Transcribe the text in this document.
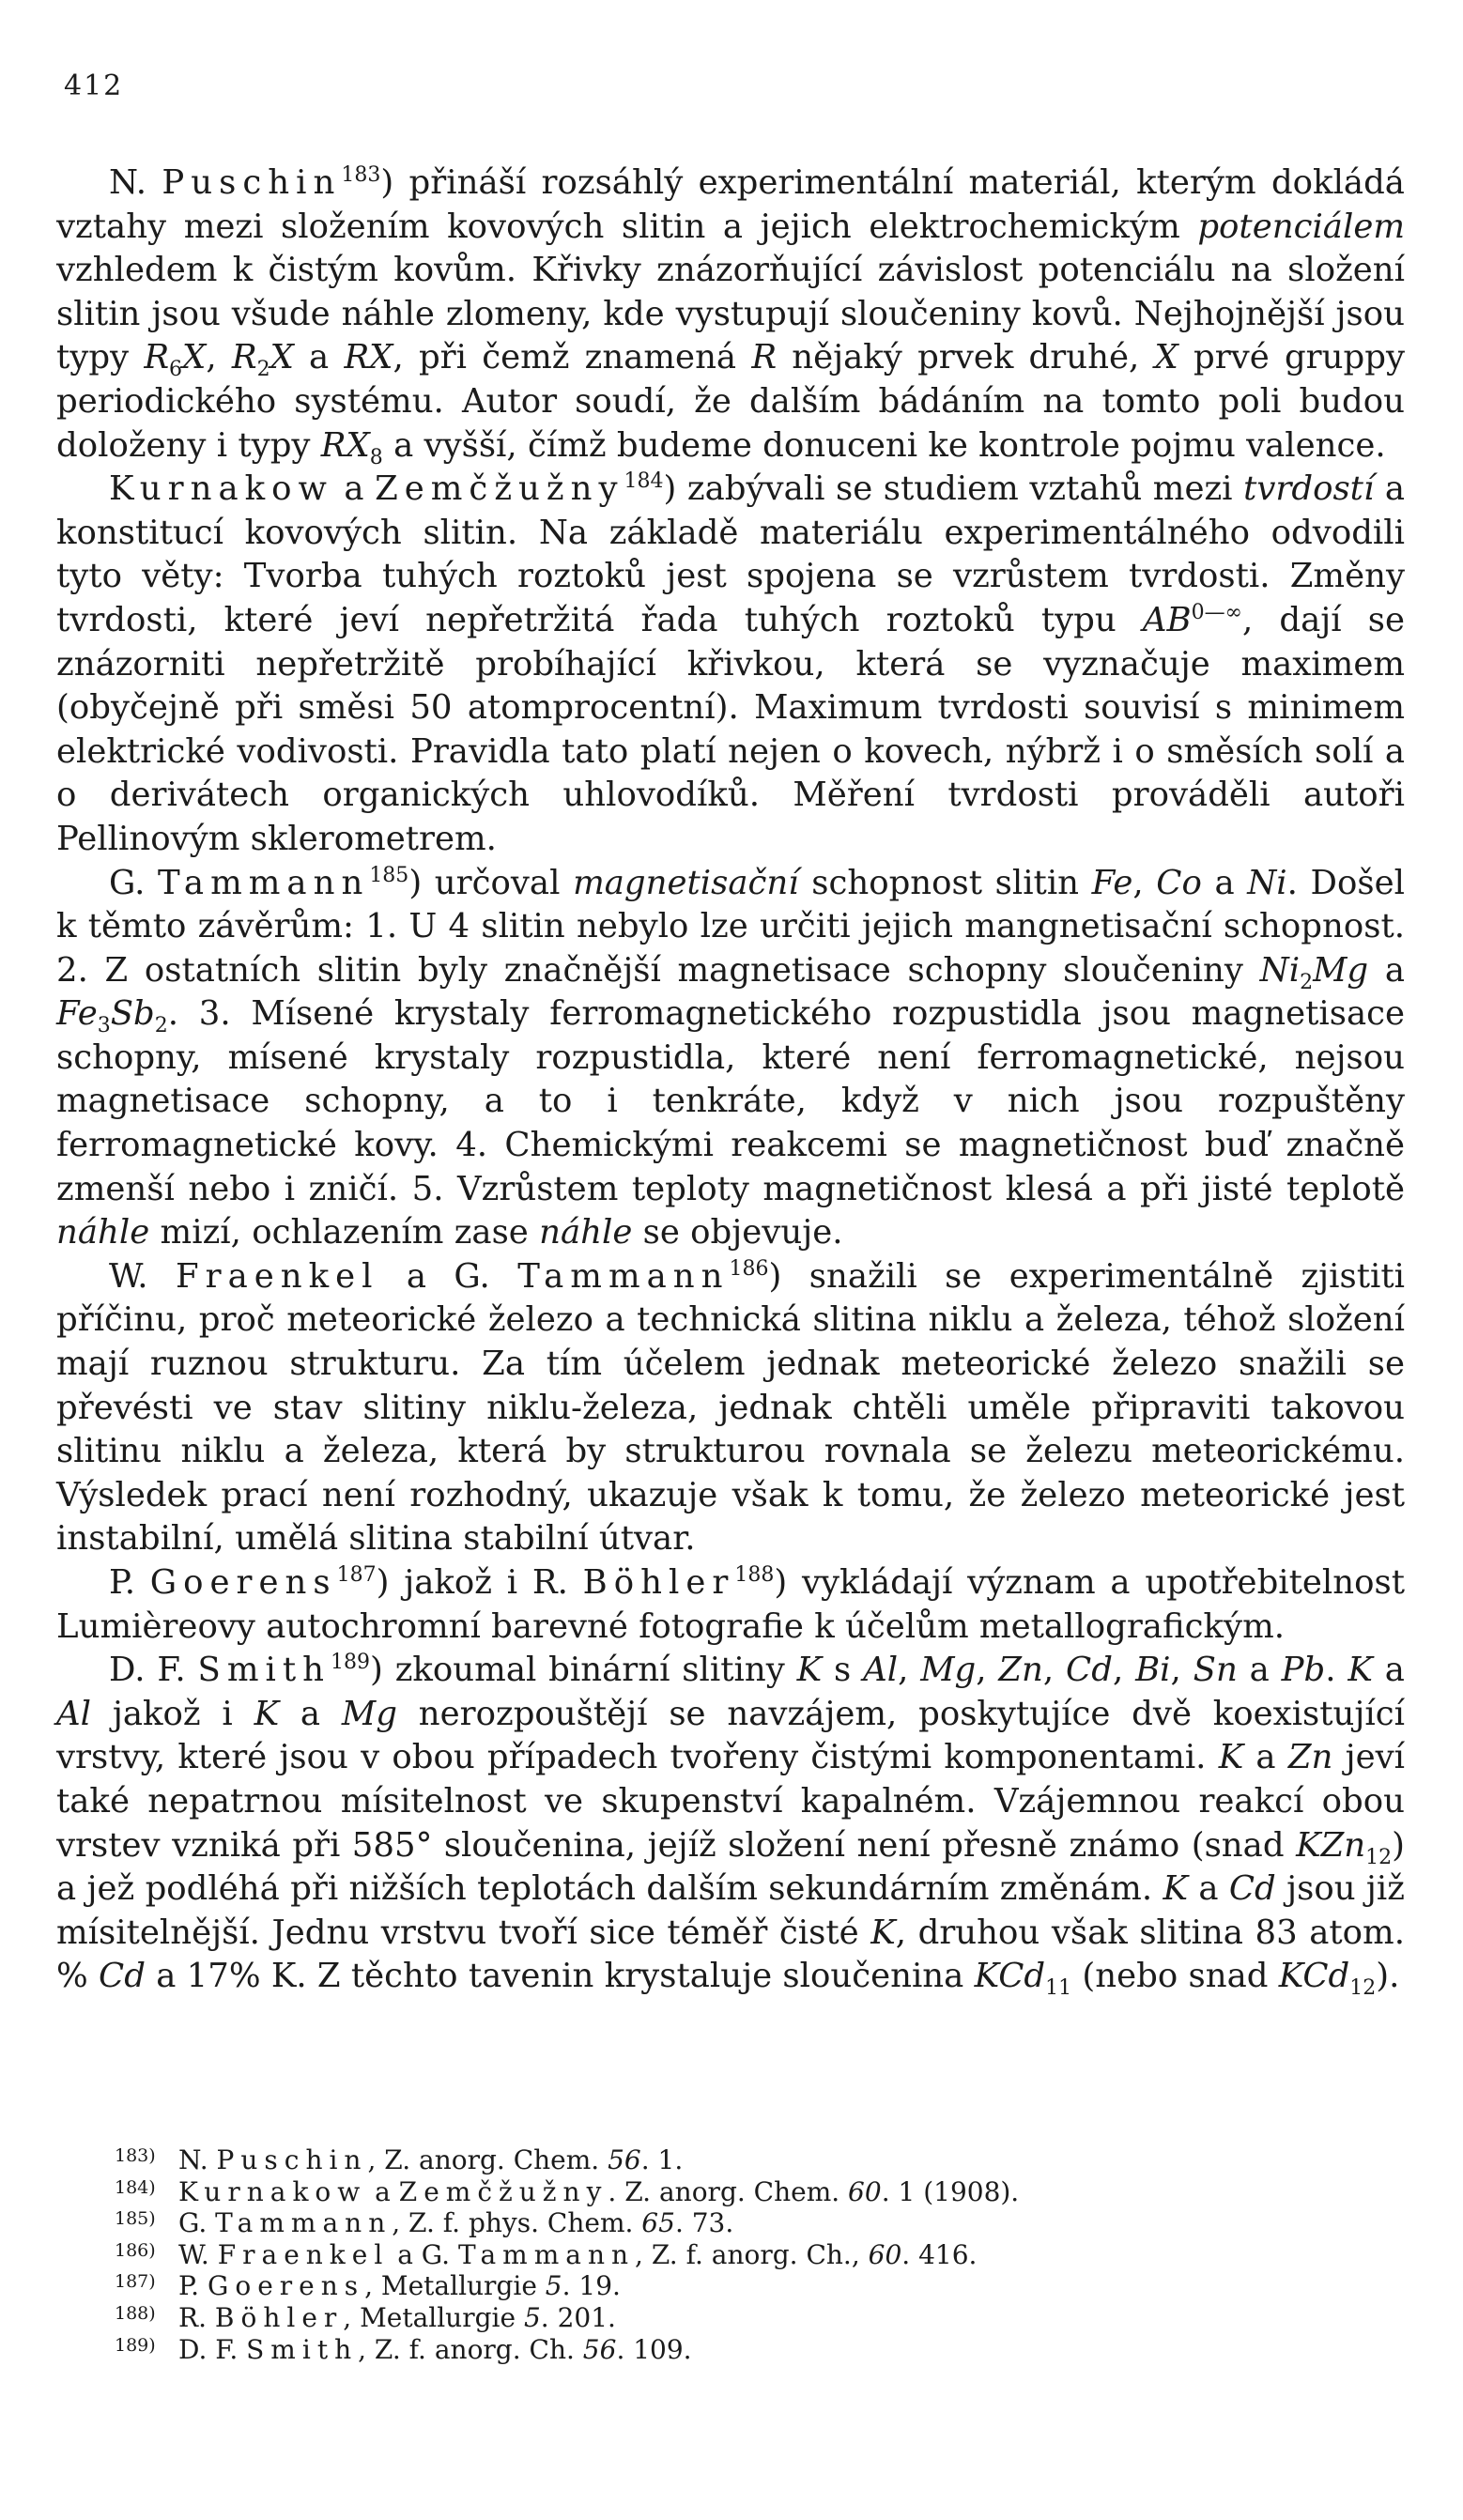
412

N. Puschin$^{183}$) přináší rozsáhlý experimentální materiál, kterým dokládá vztahy mezi složením kovových slitin a jejich elektrochemickým potenciálem vzhledem k čistým kovům. Křivky znázorňující závislost potenciálu na složení slitin jsou všude náhle zlomeny, kde vystupují sloučeniny kovů. Nejhojnější jsou typy $R_6X$, $R_2X$ a RX, při čemž znamená R nějaký prvek druhé, X prvé gruppy periodického systému. Autor soudí, že dalším bádáním na tomto poli budou doloženy i typy $RX_8$ a vyšší, čímž budeme donuceni ke kontrole pojmu valence.

Kurnakow a Zemčžužny$^{184}$) zabývali se studiem vztahů mezi tvrdostí a konstitucí kovových slitin. Na základě materiálu experimentálného odvodili tyto věty: Tvorba tuhých roztoků jest spojena se vzrůstem tvrdosti. Změny tvrdosti, které jeví nepřetržitá řada tuhých roztoků typu $AB^{0—\infty}$, dají se znázorniti nepřetržitě probíhající křivkou, která se vyznačuje maximem (obyčejně při směsi 50 atomprocentní). Maximum tvrdosti souvisí s minimem elektrické vodivosti. Pravidla tato platí nejen o kovech, nýbrž i o směsích solí a o derivátech organických uhlovodíků. Měření tvrdosti prováděli autoři Pellinovým sklerometrem.

G. Tammann$^{185}$) určoval magnetisační schopnost slitin Fe, Co a Ni. Došel k těmto závěrům: 1. U 4 slitin nebylo lze určiti jejich mangnetisační schopnost. 2. Z ostatních slitin byly značnější magnetisace schopny sloučeniny $Ni_2Mg$ a $Fe_3Sb_2$. 3. Mísené krystaly ferromagnetického rozpustidla jsou magnetisace schopny, mísené krystaly rozpustidla, které není ferromagnetické, nejsou magnetisace schopny, a to i tenkráte, když v nich jsou rozpuštěny ferromagnetické kovy. 4. Chemickými reakcemi se magnetičnost buď značně zmenší nebo i zničí. 5. Vzrůstem teploty magnetičnost klesá a při jisté teplotě náhle mizí, ochlazením zase náhle se objevuje.

W. Fraenkel a G. Tammann$^{186}$) snažili se experimentálně zjistiti příčinu, proč meteorické železo a technická slitina niklu a železa, téhož složení mají ruznou strukturu. Za tím účelem jednak meteorické železo snažili se převésti ve stav slitiny niklu-železa, jednak chtěli uměle připraviti takovou slitinu niklu a železa, která by strukturou rovnala se železu meteorickému. Výsledek prací není rozhodný, ukazuje však k tomu, že železo meteorické jest instabilní, umělá slitina stabilní útvar.

P. Goerens$^{187}$) jakož i R. Böhler$^{188}$) vykládají význam a upotřebitelnost Lumièreovy autochromní barevné fotografie k účelům metallografickým.

D. F. Smith$^{189}$) zkoumal binární slitiny K s Al, Mg, Zn, Cd, Bi, Sn a Pb. K a Al jakož i K a Mg nerozpouštějí se navzájem, poskytujíce dvě koexistující vrstvy, které jsou v obou případech tvořeny čistými komponentami. K a Zn jeví také nepatrnou mísitelnost ve skupenství kapalném. Vzájemnou reakcí obou vrstev vzniká při 585° sloučenina, jejíž složení není přesně známo (snad KZn$_{12}$) a jež podléhá při nižších teplotách dalším sekundárním změnám. K a Cd jsou již mísitelnější. Jednu vrstvu tvoří sice téměř čisté K, druhou však slitina 83 atom. % Cd a 17% K. Z těchto tavenin krystaluje sloučenina KCd$_{11}$ (nebo snad KCd$_{12}$).

183) N. Puschin, Z. anorg. Chem. 56. 1.
184) Kurnakow a Zemčžužny. Z. anorg. Chem. 60. 1 (1908).
185) G. Tammann, Z. f. phys. Chem. 65. 73.
186) W. Fraenkel a G. Tammann, Z. f. anorg. Ch., 60. 416.
187) P. Goerens, Metallurgie 5. 19.
188) R. Böhler, Metallurgie 5. 201.
189) D. F. Smith, Z. f. anorg. Ch. 56. 109.
